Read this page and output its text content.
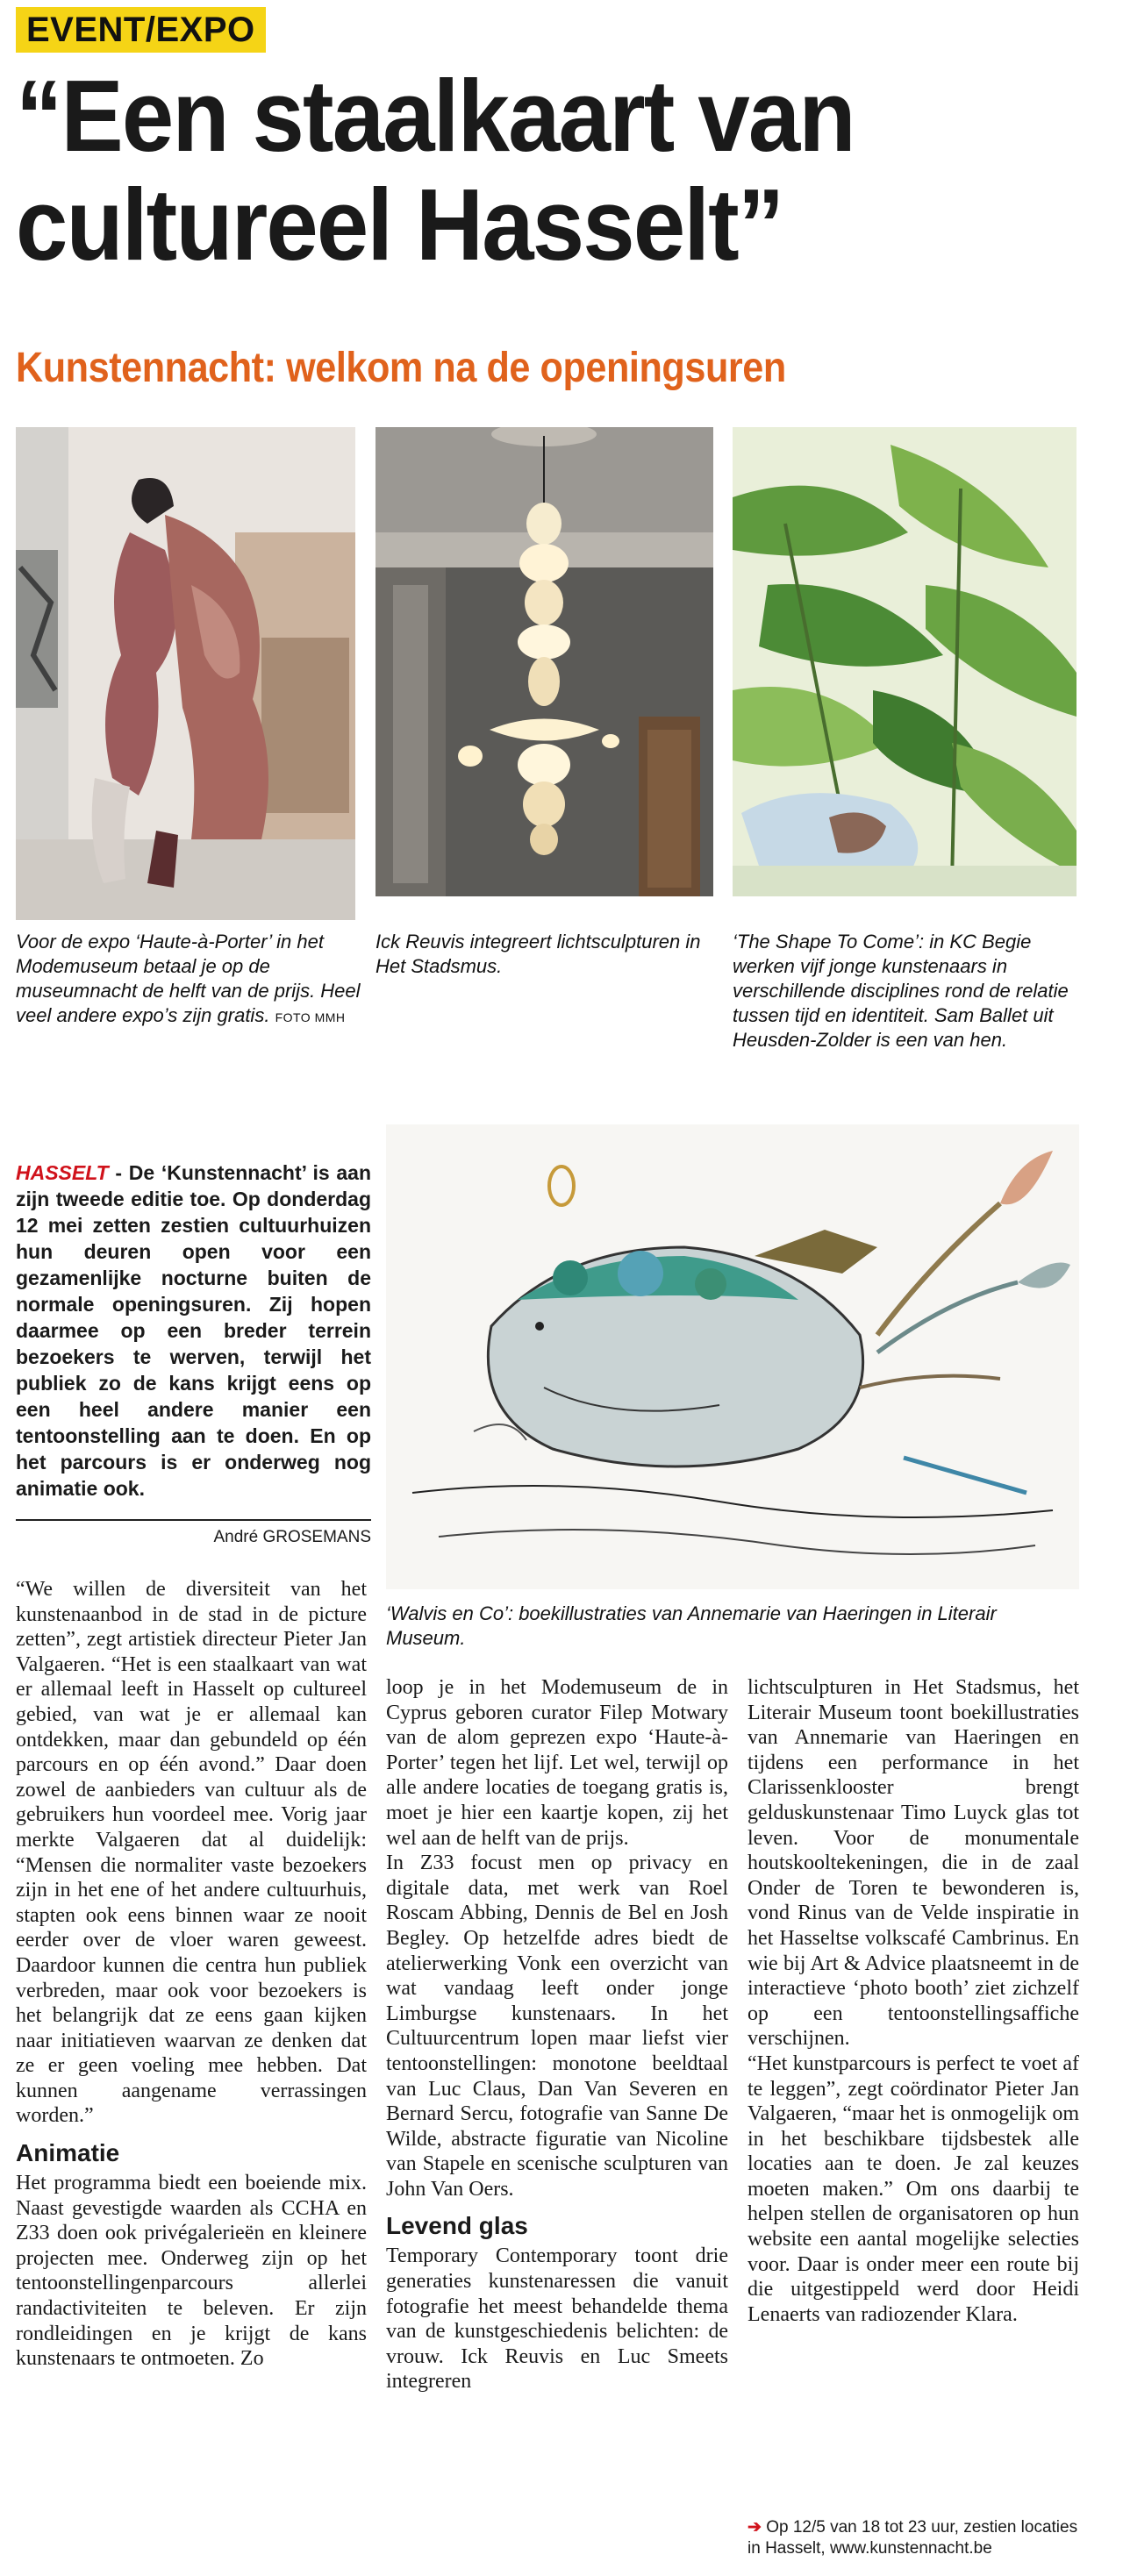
EVENT/EXPO
“Een staalkaart van
cultureel Hasselt”
Kunstennacht: welkom na de openingsuren
Voor de expo ‘Haute-à-Porter’ in het Modemuseum betaal je op de museumnacht de helft van de prijs. Heel veel andere expo’s zijn gratis. FOTO MMH
Ick Reuvis integreert lichtsculpturen in Het Stadsmus.
‘The Shape To Come’: in KC Begie werken vijf jonge kunstenaars in verschillende disciplines rond de relatie tussen tijd en identiteit. Sam Ballet uit Heusden-Zolder is een van hen.
HASSELT - De ‘Kunstennacht’ is aan zijn tweede editie toe. Op donderdag 12 mei zetten zestien cultuurhuizen hun deuren open voor een gezamenlijke nocturne buiten de normale openingsuren. Zij hopen daarmee op een breder terrein bezoekers te werven, terwijl het publiek zo de kans krijgt eens op een heel andere manier een tentoonstelling aan te doen. En op het parcours is er onderweg nog animatie ook.
André GROSEMANS
‘Walvis en Co’: boekillustraties van Annemarie van Haeringen in Literair Museum.

“We willen de diversiteit van het kunstenaanbod in de stad in de picture zetten”, zegt artistiek directeur Pieter Jan Valgaeren. “Het is een staalkaart van wat er allemaal leeft in Hasselt op cultureel gebied, van wat je er allemaal kan ontdekken, maar dan gebundeld op één parcours en op één avond.” Daar doen zowel de aanbieders van cultuur als de gebruikers hun voordeel mee. Vorig jaar merkte Valgaeren dat al duidelijk: “Mensen die normaliter vaste bezoekers zijn in het ene of het andere cultuurhuis, stapten ook eens binnen waar ze nooit eerder over de vloer waren geweest. Daardoor kunnen die centra hun publiek verbreden, maar ook voor bezoekers is het belangrijk dat ze eens gaan kijken naar initiatieven waarvan ze denken dat ze er geen voeling mee hebben. Dat kunnen aangename verrassingen worden.”

Animatie

Het programma biedt een boeiende mix. Naast gevestigde waarden als CCHA en Z33 doen ook privégalerieën en kleinere projecten mee. Onderweg zijn op het tentoonstellingenparcours allerlei randactiviteiten te beleven. Er zijn rondleidingen en je krijgt de kans kunstenaars te ontmoeten. Zo

loop je in het Modemuseum de in Cyprus geboren curator Filep Motwary van de alom geprezen expo ‘Haute-à-Porter’ tegen het lijf. Let wel, terwijl op alle andere locaties de toegang gratis is, moet je hier een kaartje kopen, zij het wel aan de helft van de prijs.

In Z33 focust men op privacy en digitale data, met werk van Roel Roscam Abbing, Dennis de Bel en Josh Begley. Op hetzelfde adres biedt de atelierwerking Vonk een overzicht van wat vandaag leeft onder jonge Limburgse kunstenaars. In het Cultuurcentrum lopen maar liefst vier tentoonstellingen: monotone beeldtaal van Luc Claus, Dan Van Severen en Bernard Sercu, fotografie van Sanne De Wilde, abstracte figuratie van Nicoline van Stapele en scenische sculpturen van John Van Oers.

Levend glas

Temporary Contemporary toont drie generaties kunstenaressen die vanuit fotografie het meest behandelde thema van de kunstgeschiedenis belichten: de vrouw. Ick Reuvis en Luc Smeets integreren

lichtsculpturen in Het Stadsmus, het Literair Museum toont boekillustraties van Annemarie van Haeringen en tijdens een performance in het Clarissenklooster brengt gelduskunstenaar Timo Luyck glas tot leven. Voor de monumentale houtskooltekeningen, die in de zaal Onder de Toren te bewonderen is, vond Rinus van de Velde inspiratie in het Hasseltse volkscafé Cambrinus. En wie bij Art & Advice plaatsneemt in de interactieve ‘photo booth’ ziet zichzelf op een tentoonstellingsaffiche verschijnen.

“Het kunstparcours is perfect te voet af te leggen”, zegt coördinator Pieter Jan Valgaeren, “maar het is onmogelijk om in het beschikbare tijdsbestek alle locaties aan te doen. Je zal keuzes moeten maken.” Om ons daarbij te helpen stellen de organisatoren op hun website een aantal mogelijke selecties voor. Daar is onder meer een route bij die uitgestippeld werd door Heidi Lenaerts van radiozender Klara.

➔ Op 12/5 van 18 tot 23 uur, zestien locaties in Hasselt, www.kunstennacht.be
